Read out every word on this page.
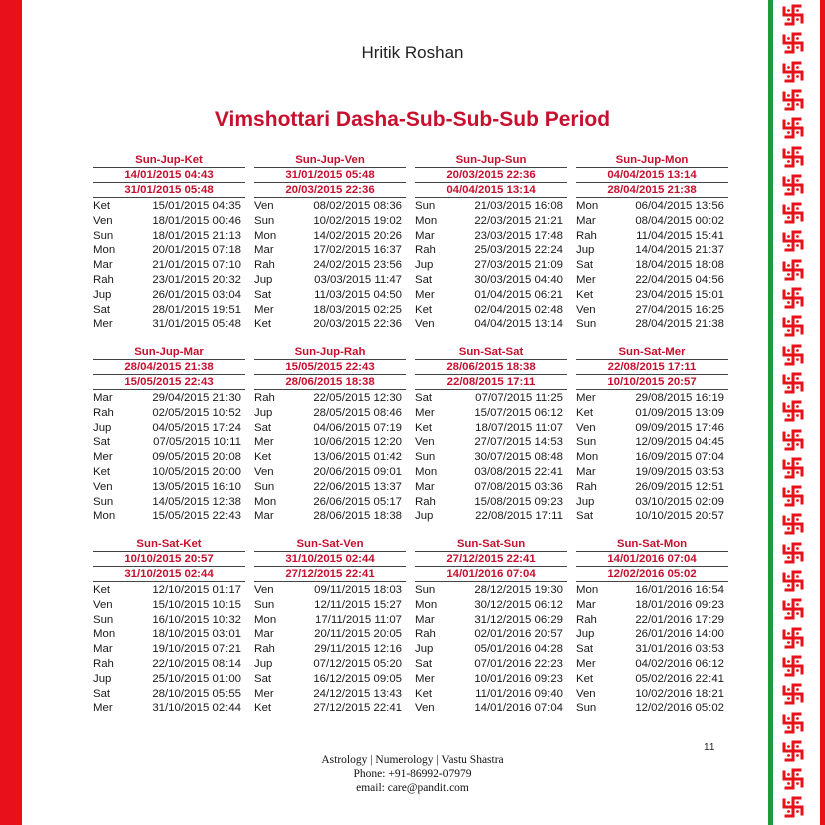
Hritik Roshan
Vimshottari Dasha-Sub-Sub-Sub Period
Sun-Jup-Ket
14/01/2015 04:43
31/01/2015 05:48
Ket	15/01/2015 04:35
Ven	18/01/2015 00:46
Sun	18/01/2015 21:13
Mon	20/01/2015 07:18
Mar	21/01/2015 07:10
Rah	23/01/2015 20:32
Jup	26/01/2015 03:04
Sat	28/01/2015 19:51
Mer	31/01/2015 05:48
Sun-Jup-Ven
31/01/2015 05:48
20/03/2015 22:36
Ven	08/02/2015 08:36
Sun	10/02/2015 19:02
Mon	14/02/2015 20:26
Mar	17/02/2015 16:37
Rah	24/02/2015 23:56
Jup	03/03/2015 11:47
Sat	11/03/2015 04:50
Mer	18/03/2015 02:25
Ket	20/03/2015 22:36
Sun-Jup-Sun
20/03/2015 22:36
04/04/2015 13:14
Sun	21/03/2015 16:08
Mon	22/03/2015 21:21
Mar	23/03/2015 17:48
Rah	25/03/2015 22:24
Jup	27/03/2015 21:09
Sat	30/03/2015 04:40
Mer	01/04/2015 06:21
Ket	02/04/2015 02:48
Ven	04/04/2015 13:14
Sun-Jup-Mon
04/04/2015 13:14
28/04/2015 21:38
Mon	06/04/2015 13:56
Mar	08/04/2015 00:02
Rah	11/04/2015 15:41
Jup	14/04/2015 21:37
Sat	18/04/2015 18:08
Mer	22/04/2015 04:56
Ket	23/04/2015 15:01
Ven	27/04/2015 16:25
Sun	28/04/2015 21:38
Sun-Jup-Mar
28/04/2015 21:38
15/05/2015 22:43
Mar	29/04/2015 21:30
Rah	02/05/2015 10:52
Jup	04/05/2015 17:24
Sat	07/05/2015 10:11
Mer	09/05/2015 20:08
Ket	10/05/2015 20:00
Ven	13/05/2015 16:10
Sun	14/05/2015 12:38
Mon	15/05/2015 22:43
Sun-Jup-Rah
15/05/2015 22:43
28/06/2015 18:38
Rah	22/05/2015 12:30
Jup	28/05/2015 08:46
Sat	04/06/2015 07:19
Mer	10/06/2015 12:20
Ket	13/06/2015 01:42
Ven	20/06/2015 09:01
Sun	22/06/2015 13:37
Mon	26/06/2015 05:17
Mar	28/06/2015 18:38
Sun-Sat-Sat
28/06/2015 18:38
22/08/2015 17:11
Sat	07/07/2015 11:25
Mer	15/07/2015 06:12
Ket	18/07/2015 11:07
Ven	27/07/2015 14:53
Sun	30/07/2015 08:48
Mon	03/08/2015 22:41
Mar	07/08/2015 03:36
Rah	15/08/2015 09:23
Jup	22/08/2015 17:11
Sun-Sat-Mer
22/08/2015 17:11
10/10/2015 20:57
Mer	29/08/2015 16:19
Ket	01/09/2015 13:09
Ven	09/09/2015 17:46
Sun	12/09/2015 04:45
Mon	16/09/2015 07:04
Mar	19/09/2015 03:53
Rah	26/09/2015 12:51
Jup	03/10/2015 02:09
Sat	10/10/2015 20:57
Sun-Sat-Ket
10/10/2015 20:57
31/10/2015 02:44
Ket	12/10/2015 01:17
Ven	15/10/2015 10:15
Sun	16/10/2015 10:32
Mon	18/10/2015 03:01
Mar	19/10/2015 07:21
Rah	22/10/2015 08:14
Jup	25/10/2015 01:00
Sat	28/10/2015 05:55
Mer	31/10/2015 02:44
Sun-Sat-Ven
31/10/2015 02:44
27/12/2015 22:41
Ven	09/11/2015 18:03
Sun	12/11/2015 15:27
Mon	17/11/2015 11:07
Mar	20/11/2015 20:05
Rah	29/11/2015 12:16
Jup	07/12/2015 05:20
Sat	16/12/2015 09:05
Mer	24/12/2015 13:43
Ket	27/12/2015 22:41
Sun-Sat-Sun
27/12/2015 22:41
14/01/2016 07:04
Sun	28/12/2015 19:30
Mon	30/12/2015 06:12
Mar	31/12/2015 06:29
Rah	02/01/2016 20:57
Jup	05/01/2016 04:28
Sat	07/01/2016 22:23
Mer	10/01/2016 09:23
Ket	11/01/2016 09:40
Ven	14/01/2016 07:04
Sun-Sat-Mon
14/01/2016 07:04
12/02/2016 05:02
Mon	16/01/2016 16:54
Mar	18/01/2016 09:23
Rah	22/01/2016 17:29
Jup	26/01/2016 14:00
Sat	31/01/2016 03:53
Mer	04/02/2016 06:12
Ket	05/02/2016 22:41
Ven	10/02/2016 18:21
Sun	12/02/2016 05:02
11
Astrology | Numerology | Vastu Shastra
Phone: +91-86992-07979
email: care@pandit.com
